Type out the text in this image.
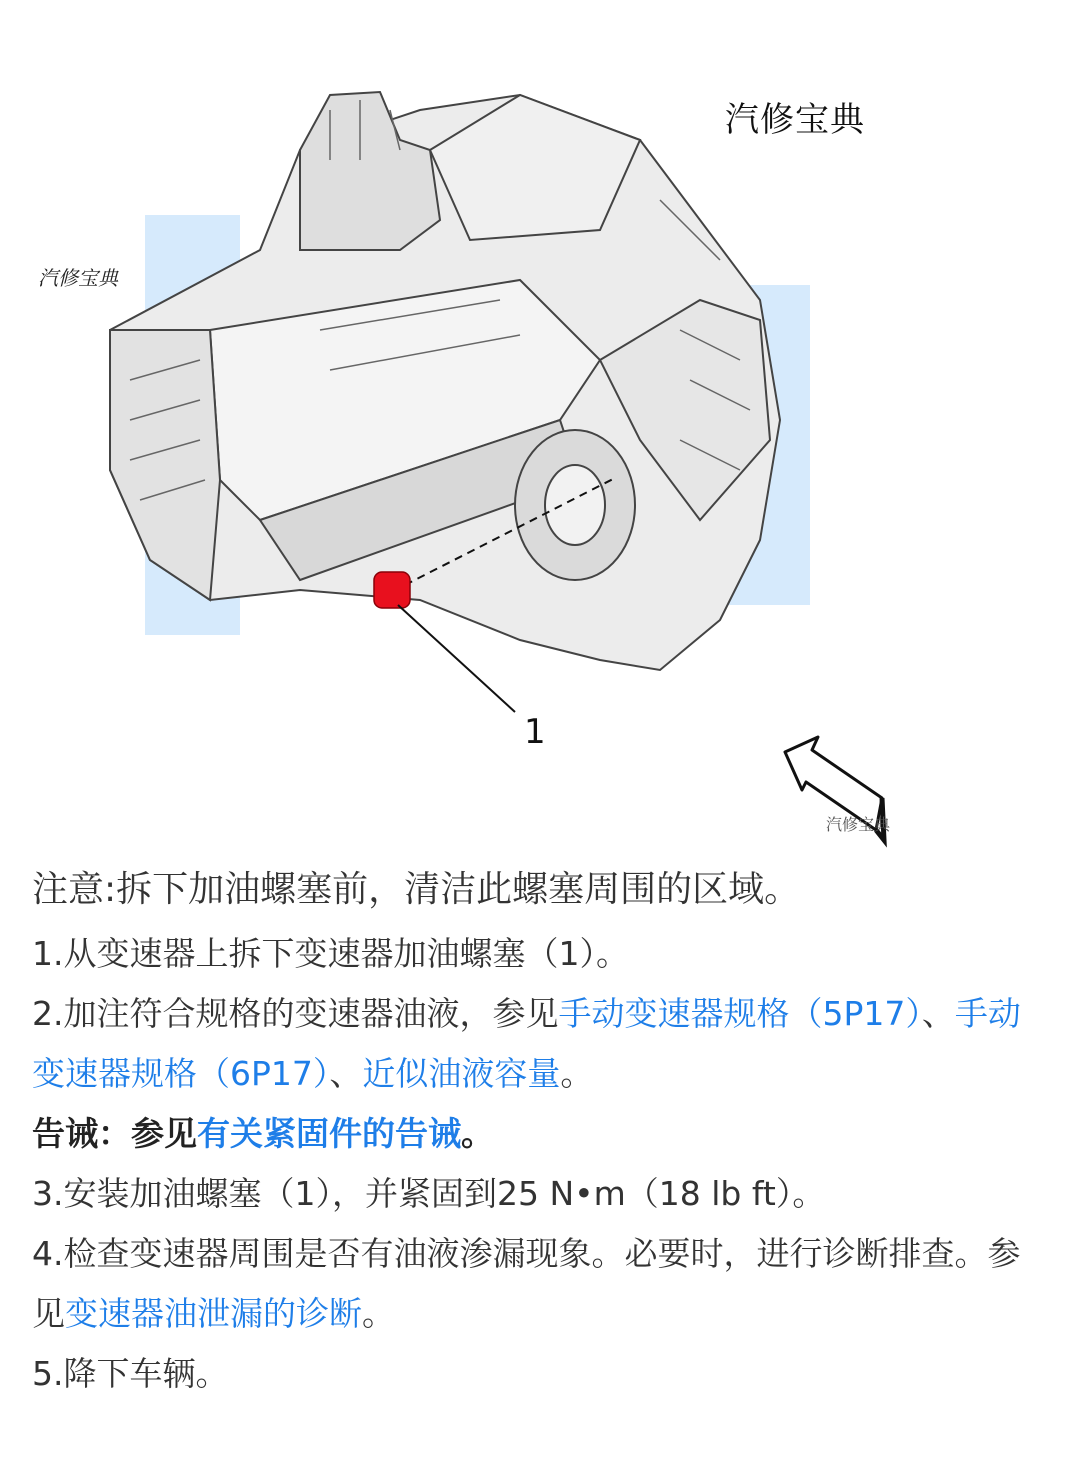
汽修宝典
汽修宝典
1
汽修宝典

注意:拆下加油螺塞前，清洁此螺塞周围的区域。

1.从变速器上拆下变速器加油螺塞（1）。

2.加注符合规格的变速器油液，参见手动变速器规格（5P17）、手动变速器规格（6P17）、近似油液容量。

告诫：参见有关紧固件的告诫。

3.安装加油螺塞（1），并紧固到25 N•m（18 lb ft）。

4.检查变速器周围是否有油液渗漏现象。必要时，进行诊断排查。参见变速器油泄漏的诊断。

5.降下车辆。
